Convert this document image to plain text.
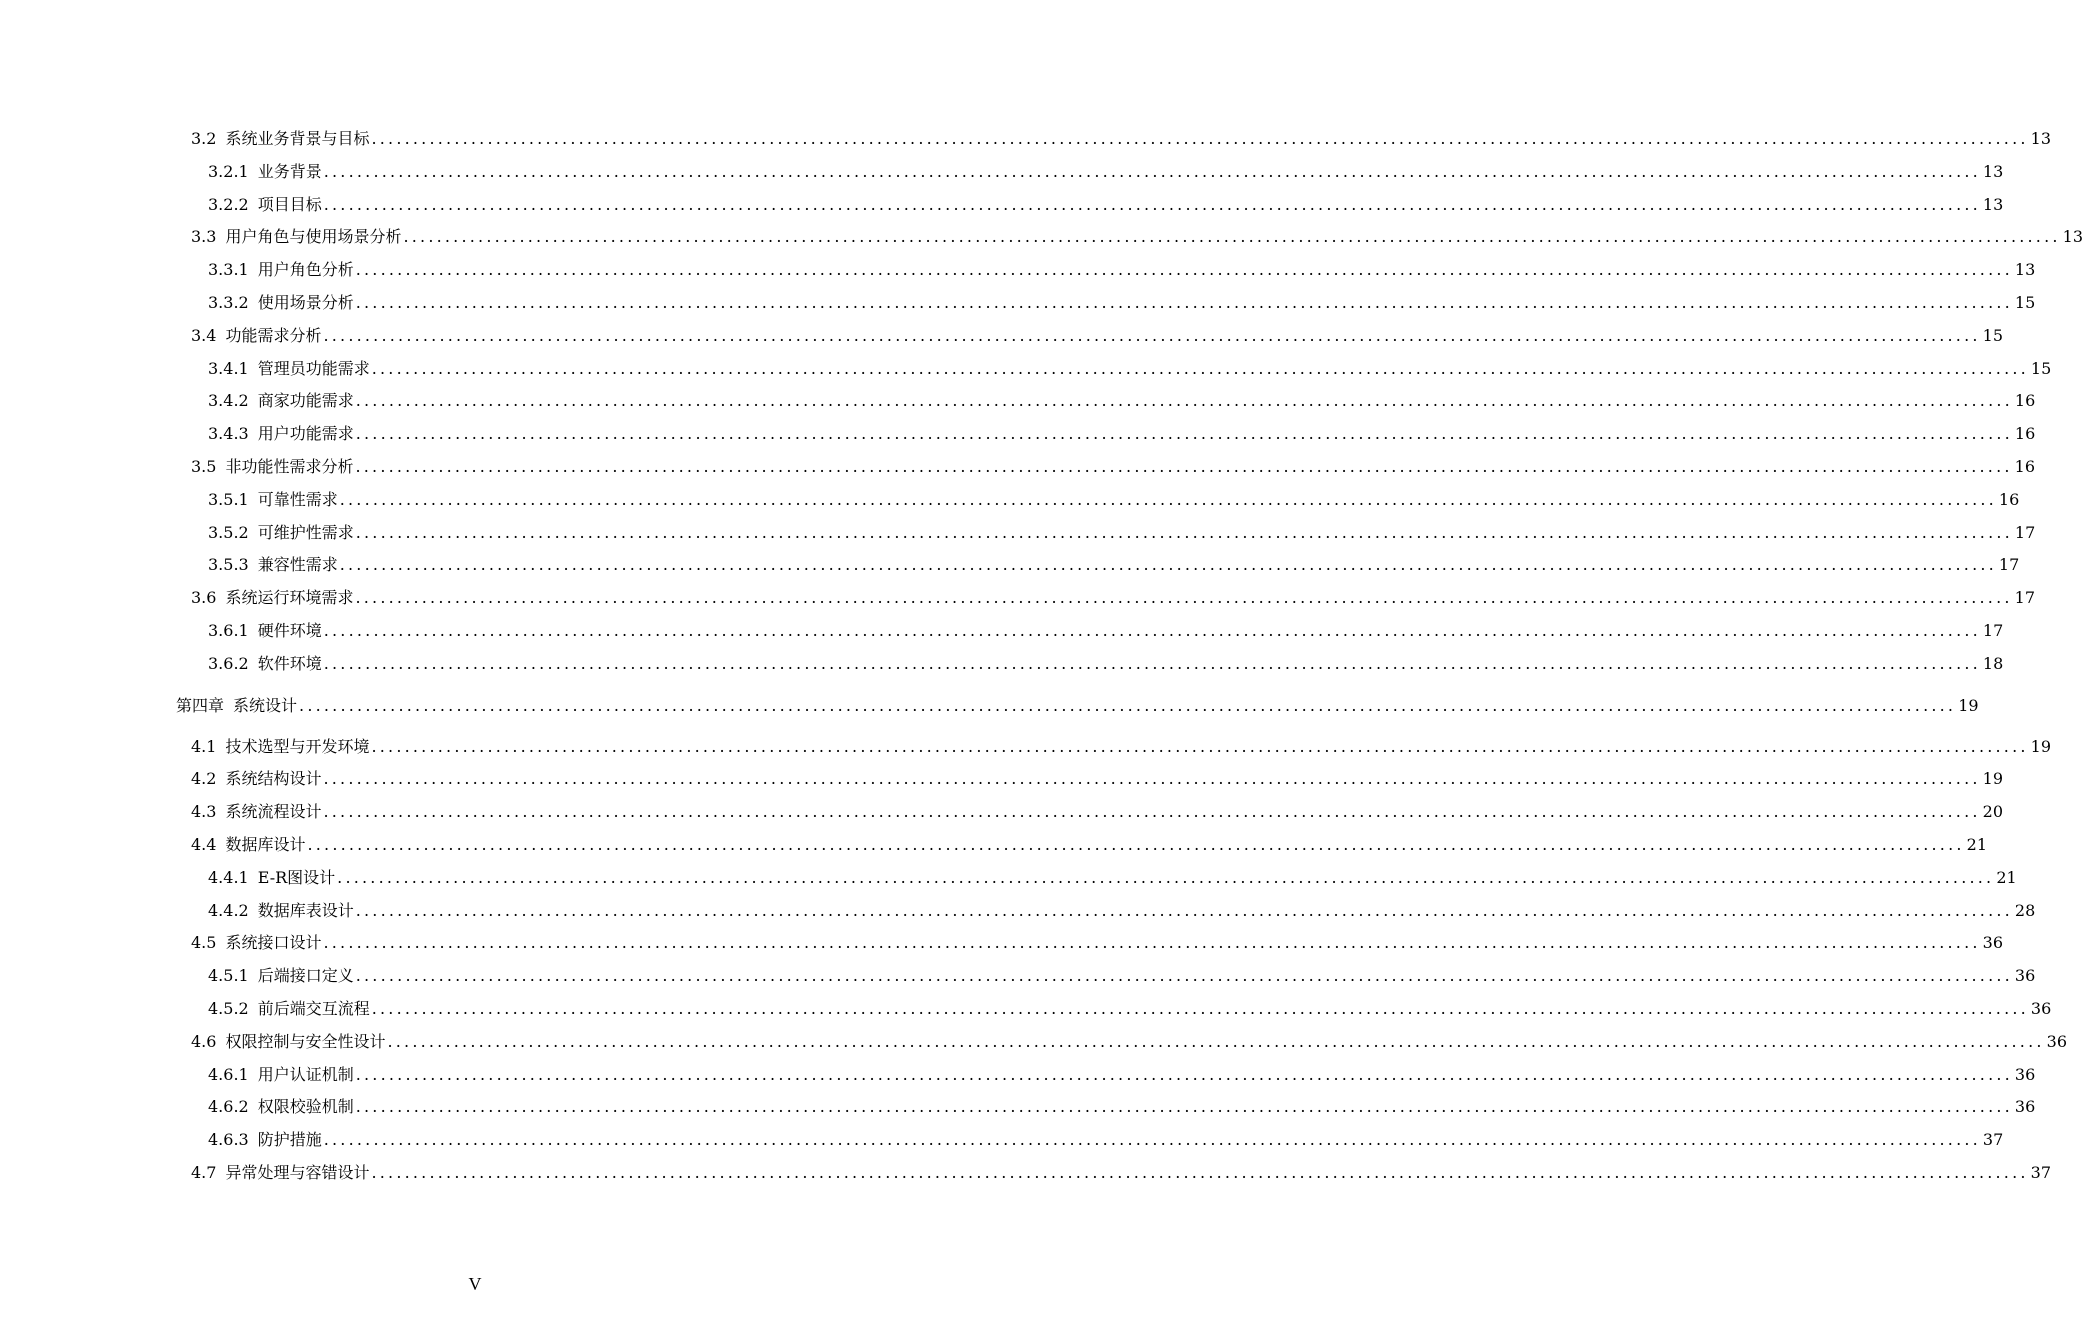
3.2 系统业务背景与目标 ........................................................................................................................................................................................................ 13
3.2.1 业务背景 ........................................................................................................................................................................................................ 13
3.2.2 项目目标 ........................................................................................................................................................................................................ 13
3.3 用户角色与使用场景分析 ........................................................................................................................................................................................................ 13
3.3.1 用户角色分析 ........................................................................................................................................................................................................ 13
3.3.2 使用场景分析 ........................................................................................................................................................................................................ 15
3.4 功能需求分析 ........................................................................................................................................................................................................ 15
3.4.1 管理员功能需求 ........................................................................................................................................................................................................ 15
3.4.2 商家功能需求 ........................................................................................................................................................................................................ 16
3.4.3 用户功能需求 ........................................................................................................................................................................................................ 16
3.5 非功能性需求分析 ........................................................................................................................................................................................................ 16
3.5.1 可靠性需求 ........................................................................................................................................................................................................ 16
3.5.2 可维护性需求 ........................................................................................................................................................................................................ 17
3.5.3 兼容性需求 ........................................................................................................................................................................................................ 17
3.6 系统运行环境需求 ........................................................................................................................................................................................................ 17
3.6.1 硬件环境 ........................................................................................................................................................................................................ 17
3.6.2 软件环境 ........................................................................................................................................................................................................ 18
第四章 系统设计 ........................................................................................................................................................................................................ 19
4.1 技术选型与开发环境 ........................................................................................................................................................................................................ 19
4.2 系统结构设计 ........................................................................................................................................................................................................ 19
4.3 系统流程设计 ........................................................................................................................................................................................................ 20
4.4 数据库设计 ........................................................................................................................................................................................................ 21
4.4.1 E-R图设计 ........................................................................................................................................................................................................ 21
4.4.2 数据库表设计 ........................................................................................................................................................................................................ 28
4.5 系统接口设计 ........................................................................................................................................................................................................ 36
4.5.1 后端接口定义 ........................................................................................................................................................................................................ 36
4.5.2 前后端交互流程 ........................................................................................................................................................................................................ 36
4.6 权限控制与安全性设计 ........................................................................................................................................................................................................ 36
4.6.1 用户认证机制 ........................................................................................................................................................................................................ 36
4.6.2 权限校验机制 ........................................................................................................................................................................................................ 36
4.6.3 防护措施 ........................................................................................................................................................................................................ 37
4.7 异常处理与容错设计 ........................................................................................................................................................................................................ 37
V
